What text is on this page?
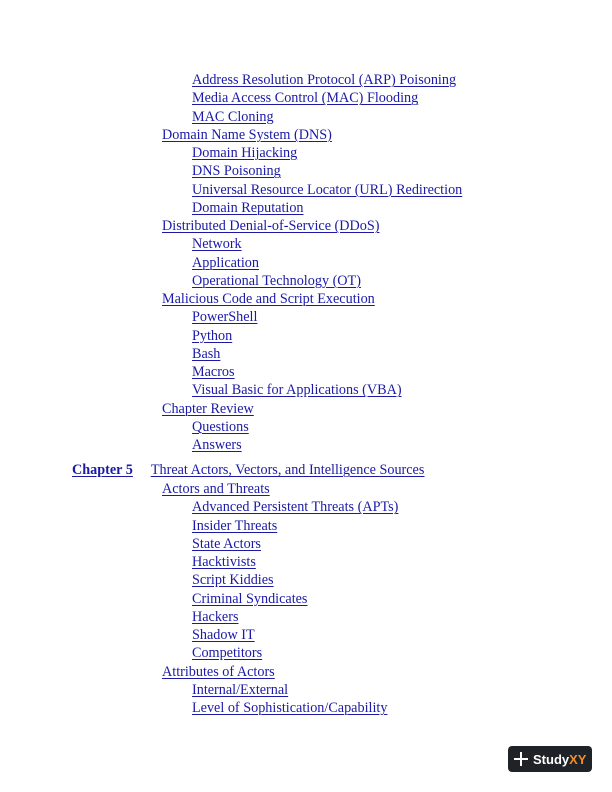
Address Resolution Protocol (ARP) Poisoning
Media Access Control (MAC) Flooding
MAC Cloning
Domain Name System (DNS)
Domain Hijacking
DNS Poisoning
Universal Resource Locator (URL) Redirection
Domain Reputation
Distributed Denial-of-Service (DDoS)
Network
Application
Operational Technology (OT)
Malicious Code and Script Execution
PowerShell
Python
Bash
Macros
Visual Basic for Applications (VBA)
Chapter Review
Questions
Answers
Chapter 5 Threat Actors, Vectors, and Intelligence Sources
Actors and Threats
Advanced Persistent Threats (APTs)
Insider Threats
State Actors
Hacktivists
Script Kiddies
Criminal Syndicates
Hackers
Shadow IT
Competitors
Attributes of Actors
Internal/External
Level of Sophistication/Capability
Study XY
